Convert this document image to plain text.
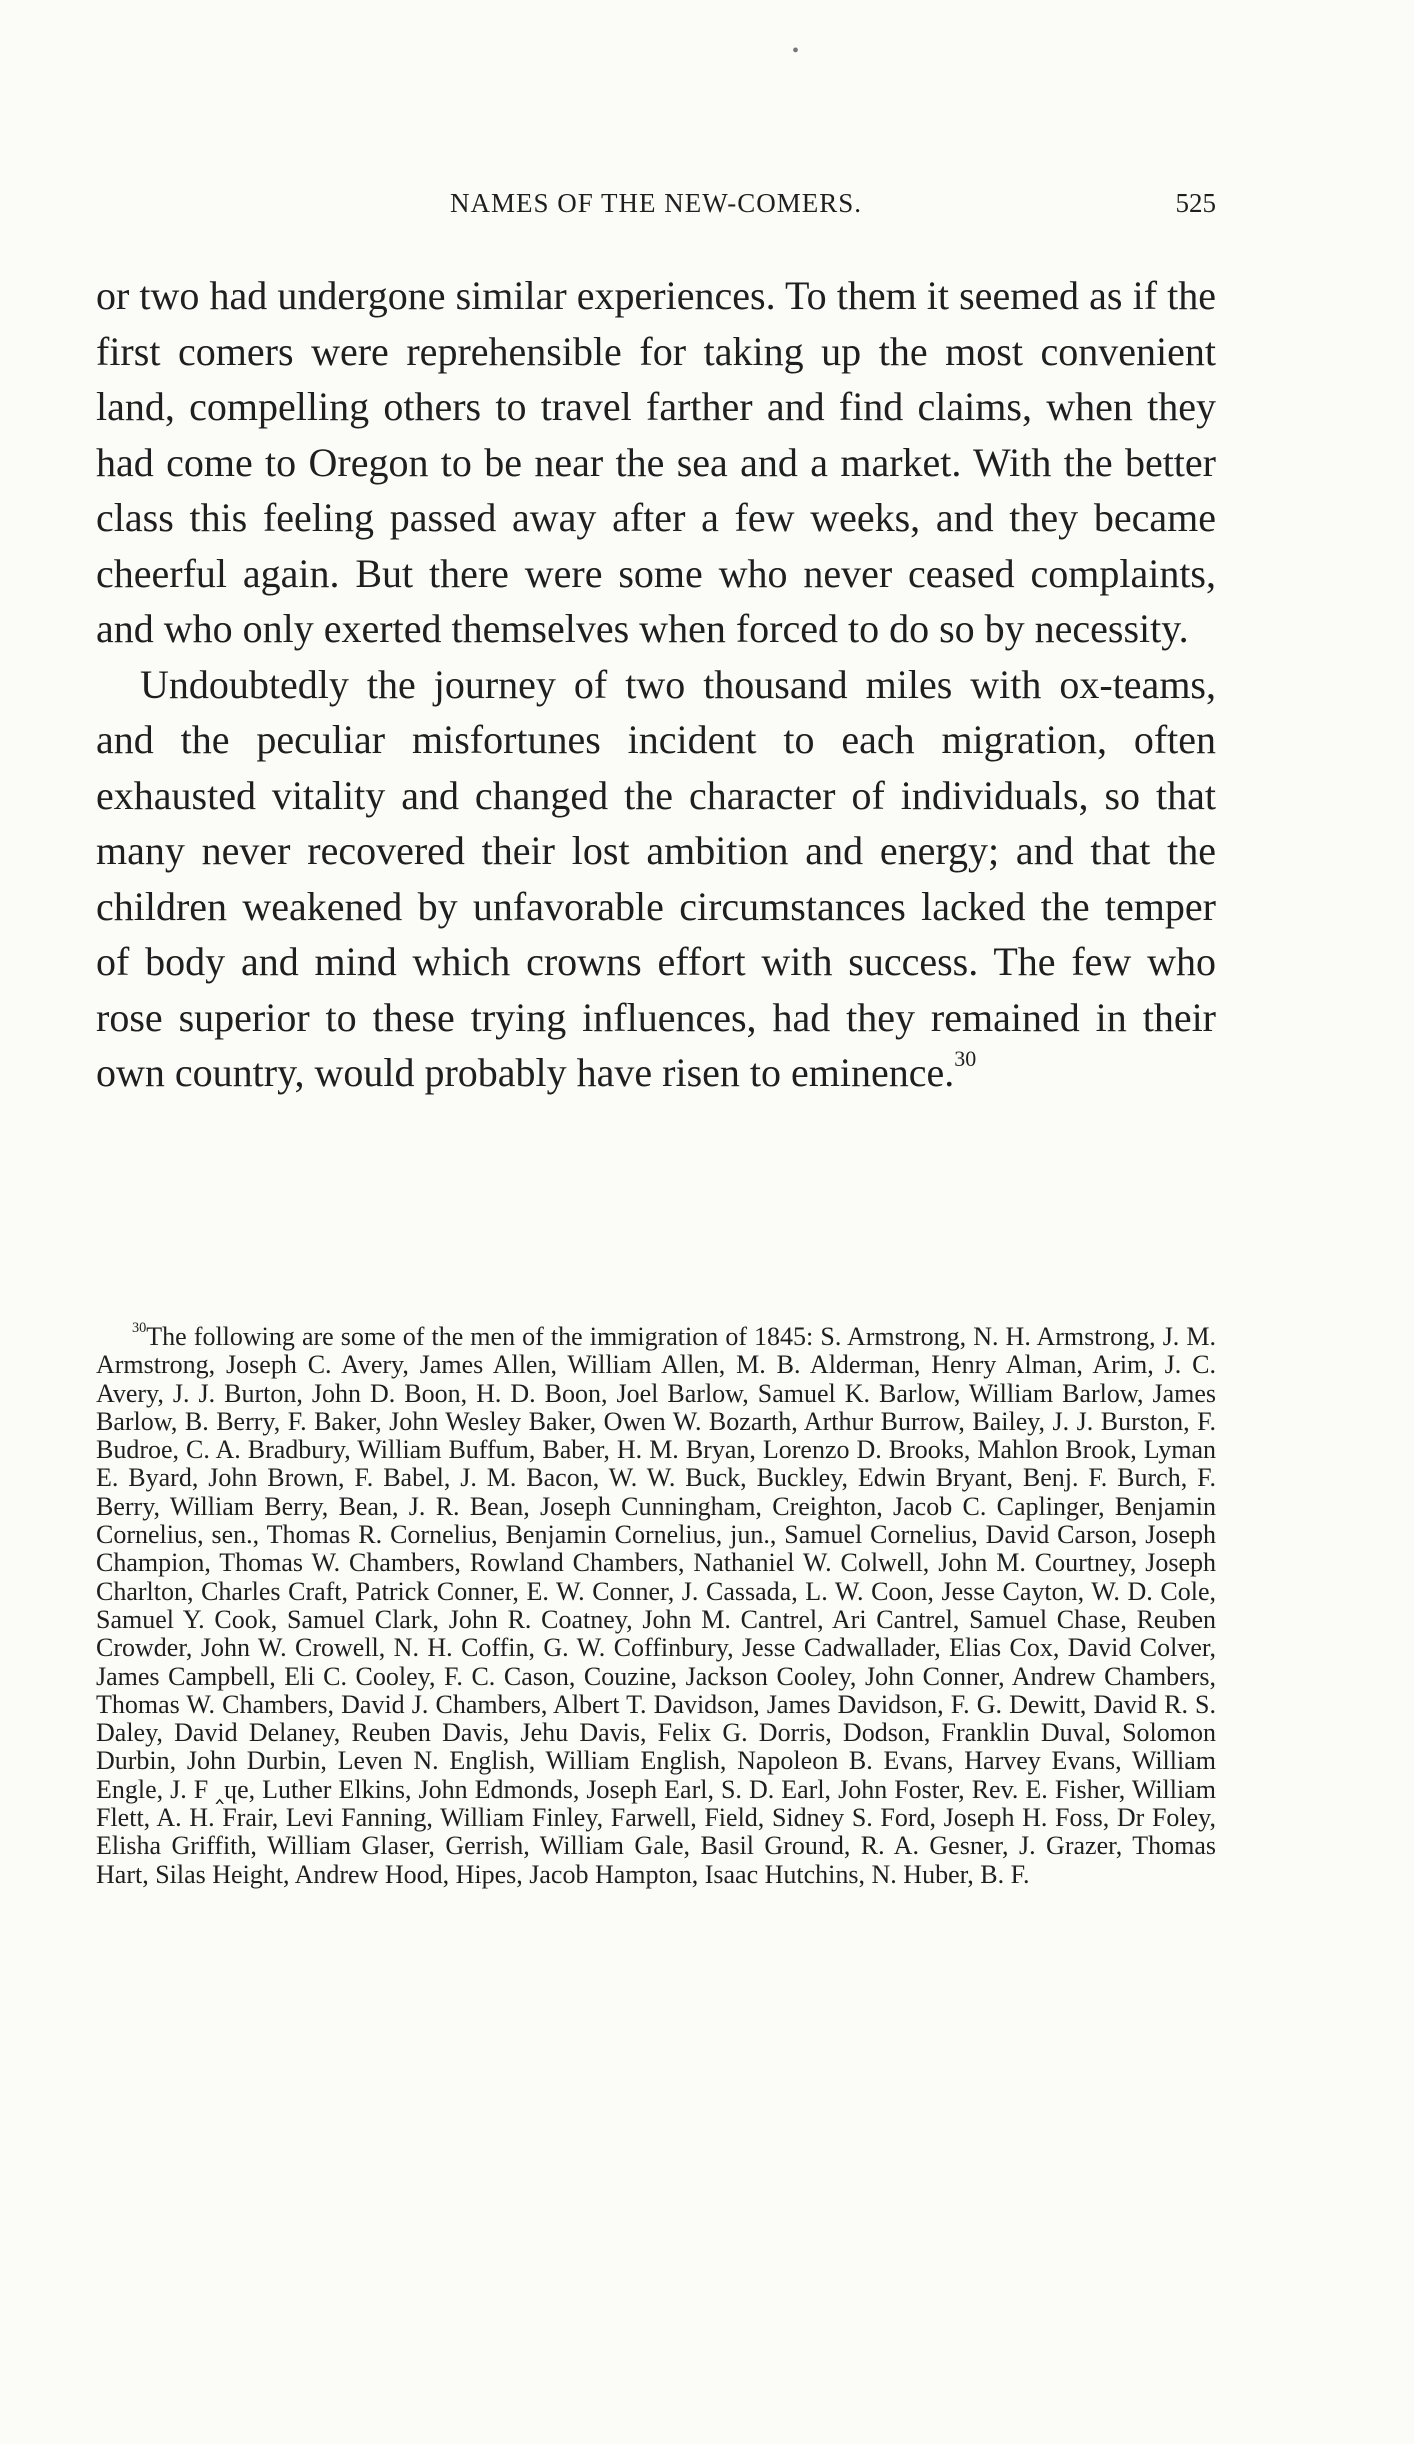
•
NAMES OF THE NEW-COMERS.	525

or two had undergone similar experiences. To them it seemed as if the first comers were reprehensible for taking up the most convenient land, compelling others to travel farther and find claims, when they had come to Oregon to be near the sea and a market. With the better class this feeling passed away after a few weeks, and they became cheerful again. But there were some who never ceased complaints, and who only exerted themselves when forced to do so by necessity.

Undoubtedly the journey of two thousand miles with ox-teams, and the peculiar misfortunes incident to each migration, often exhausted vitality and changed the character of individuals, so that many never recovered their lost ambition and energy; and that the children weakened by unfavorable circumstances lacked the temper of body and mind which crowns effort with success. The few who rose superior to these trying influences, had they remained in their own country, would probably have risen to eminence.$^{30}$

$^{30}$The following are some of the men of the immigration of 1845: S. Armstrong, N. H. Armstrong, J. M. Armstrong, Joseph C. Avery, James Allen, William Allen, M. B. Alderman, Henry Alman, Arim, J. C. Avery, J. J. Burton, John D. Boon, H. D. Boon, Joel Barlow, Samuel K. Barlow, William Barlow, James Barlow, B. Berry, F. Baker, John Wesley Baker, Owen W. Bozarth, Arthur Burrow, Bailey, J. J. Burston, F. Budroe, C. A. Bradbury, William Buffum, Baber, H. M. Bryan, Lorenzo D. Brooks, Mahlon Brook, Lyman E. Byard, John Brown, F. Babel, J. M. Bacon, W. W. Buck, Buckley, Edwin Bryant, Benj. F. Burch, F. Berry, William Berry, Bean, J. R. Bean, Joseph Cunningham, Creighton, Jacob C. Caplinger, Benjamin Cornelius, sen., Thomas R. Cornelius, Benjamin Cornelius, jun., Samuel Cornelius, David Carson, Joseph Champion, Thomas W. Chambers, Rowland Chambers, Nathaniel W. Colwell, John M. Courtney, Joseph Charlton, Charles Craft, Patrick Conner, E. W. Conner, J. Cassada, L. W. Coon, Jesse Cayton, W. D. Cole, Samuel Y. Cook, Samuel Clark, John R. Coatney, John M. Cantrel, Ari Cantrel, Samuel Chase, Reuben Crowder, John W. Crowell, N. H. Coffin, G. W. Coffinbury, Jesse Cadwallader, Elias Cox, David Colver, James Campbell, Eli C. Cooley, F. C. Cason, Couzine, Jackson Cooley, John Conner, Andrew Chambers, Thomas W. Chambers, David J. Chambers, Albert T. Davidson, James Davidson, F. G. Dewitt, David R. S. Daley, David Delaney, Reuben Davis, Jehu Davis, Felix G. Dorris, Dodson, Franklin Duval, Solomon Durbin, John Durbin, Leven N. English, William English, Napoleon B. Evans, Harvey Evans, William Engle, J. F ‸ɥe, Luther Elkins, John Edmonds, Joseph Earl, S. D. Earl, John Foster, Rev. E. Fisher, William Flett, A. H. Frair, Levi Fanning, William Finley, Farwell, Field, Sidney S. Ford, Joseph H. Foss, Dr Foley, Elisha Griffith, William Glaser, Gerrish, William Gale, Basil Ground, R. A. Gesner, J. Grazer, Thomas Hart, Silas Height, Andrew Hood, Hipes, Jacob Hampton, Isaac Hutchins, N. Huber, B. F.
